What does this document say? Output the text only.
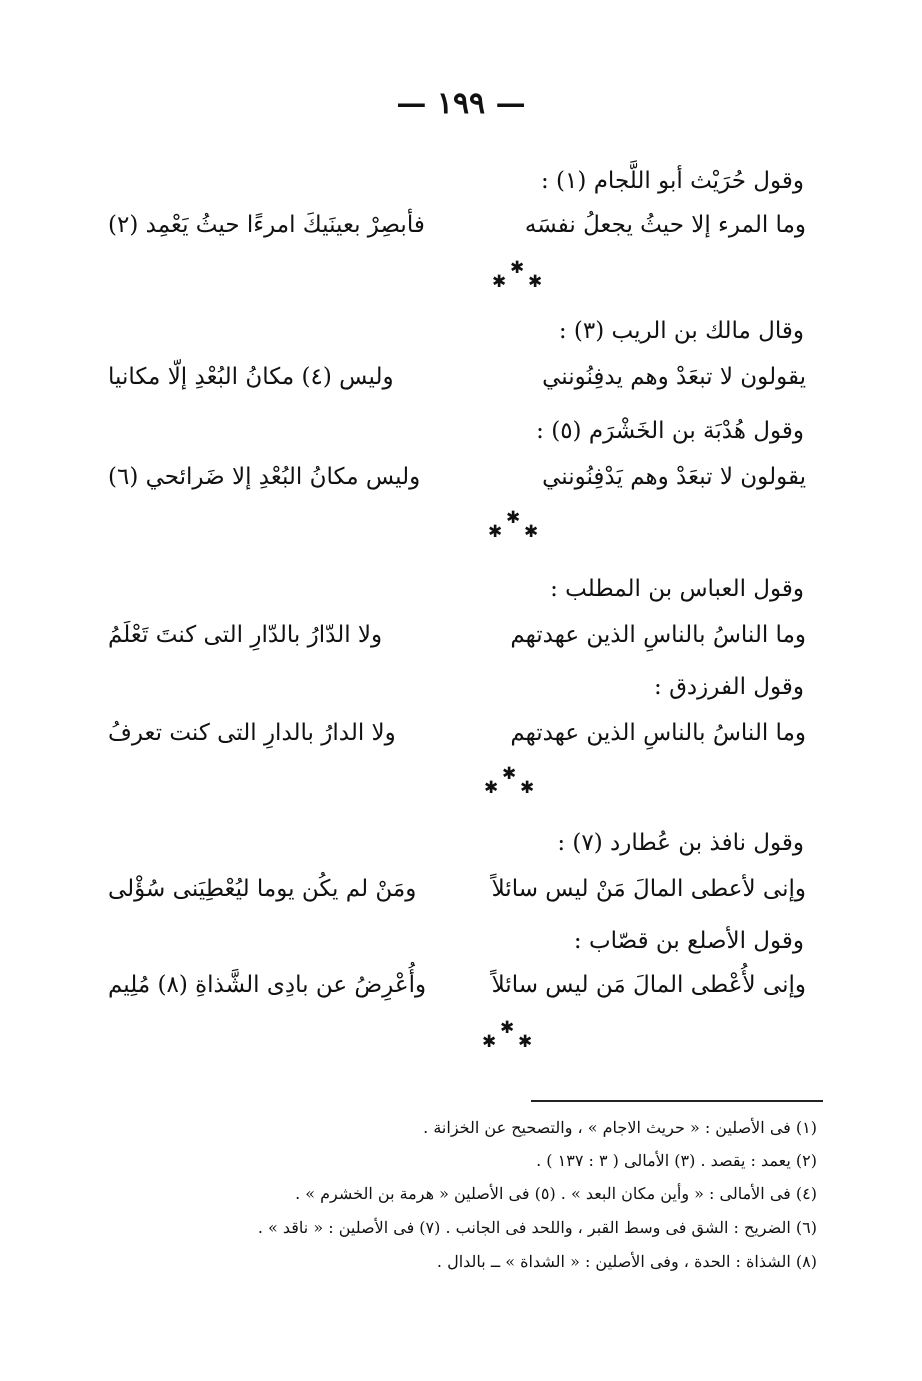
— ١٩٩ —
وقول حُرَيْث أبو اللَّجام (١) :
وما المرء إلا حيثُ يجعلُ نفسَه
فأبصِرْ بعينَيكَ امرءًا حيثُ يَعْمِد (٢)
✱
✱
✱
وقال مالك بن الريب (٣) :
يقولون لا تبعَدْ وهم يدفِنُونني
وليس (٤) مكانُ البُعْدِ إلّا مكانيا
وقول هُدْبَة بن الخَشْرَم (٥) :
يقولون لا تبعَدْ وهم يَدْفِنُونني
وليس مكانُ البُعْدِ إلا ضَرائحي (٦)
✱
✱
✱
وقول العباس بن المطلب :
وما الناسُ بالناسِ الذين عهدتهم
ولا الدّارُ بالدّارِ التى كنتَ تَعْلَمُ
وقول الفرزدق :
وما الناسُ بالناسِ الذين عهدتهم
ولا الدارُ بالدارِ التى كنت تعرفُ
✱
✱
✱
وقول نافذ بن عُطارد (٧) :
وإنى لأعطى المالَ مَنْ ليس سائلاً
ومَنْ لم يكُن يوما ليُعْطِيَنى سُؤْلى
وقول الأصلع بن قصّاب :
وإنى لأُعْطى المالَ مَن ليس سائلاً
وأُعْرِضُ عن بادِى الشَّذاةِ (٨) مُلِيم
✱
✱
✱
(١) فى الأصلين : « حريث الاجام » ، والتصحيح عن الخزانة .
(٢) يعمد : يقصد . (٣) الأمالى ( ٣ : ١٣٧ ) .
(٤) فى الأمالى : « وأين مكان البعد » . (٥) فى الأصلين « هرمة بن الخشرم » .
(٦) الضريح : الشق فى وسط القبر ، واللحد فى الجانب . (٧) فى الأصلين : « ناقد » .
(٨) الشذاة : الحدة ، وفى الأصلين : « الشداة » ــ بالدال .
